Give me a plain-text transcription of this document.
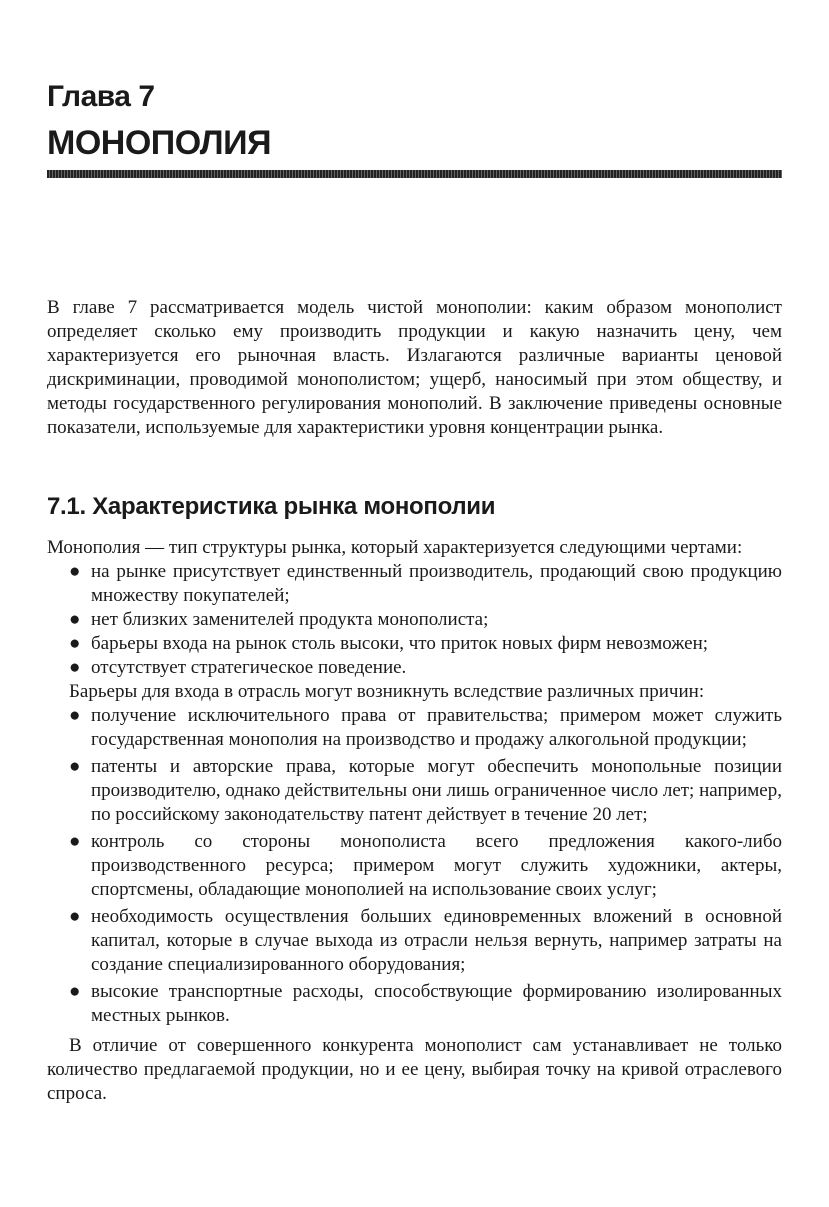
Глава 7
МОНОПОЛИЯ

В главе 7 рассматривается модель чистой монополии: каким образом монополист определяет сколько ему производить продукции и какую назначить цену, чем характеризуется его рыночная власть. Излагаются различные варианты ценовой дискриминации, проводимой монополистом; ущерб, наносимый при этом обществу, и методы государственного регулирования монополий. В заключение приведены основные показатели, используемые для характеристики уровня концентрации рынка.

7.1. Характеристика рынка монополии

Монополия — тип структуры рынка, который характеризуется следующими чертами:

● на рынке присутствует единственный производитель, продающий свою продукцию множеству покупателей;
● нет близких заменителей продукта монополиста;
● барьеры входа на рынок столь высоки, что приток новых фирм невозможен;
● отсутствует стратегическое поведение.

Барьеры для входа в отрасль могут возникнуть вследствие различных причин:

● получение исключительного права от правительства; примером может служить государственная монополия на производство и продажу алкогольной продукции;
● патенты и авторские права, которые могут обеспечить монопольные позиции производителю, однако действительны они лишь ограниченное число лет; например, по российскому законодательству патент действует в течение 20 лет;
● контроль со стороны монополиста всего предложения какого-либо производственного ресурса; примером могут служить художники, актеры, спортсмены, обладающие монополией на использование своих услуг;
● необходимость осуществления больших единовременных вложений в основной капитал, которые в случае выхода из отрасли нельзя вернуть, например затраты на создание специализированного оборудования;
● высокие транспортные расходы, способствующие формированию изолированных местных рынков.

В отличие от совершенного конкурента монополист сам устанавливает не только количество предлагаемой продукции, но и ее цену, выбирая точку на кривой отраслевого спроса.
